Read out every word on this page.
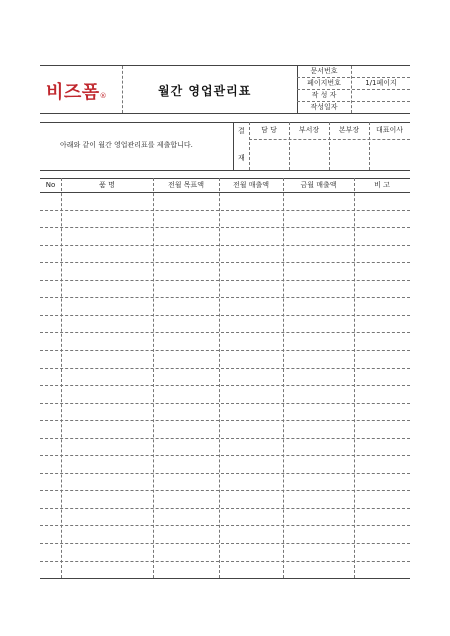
비즈폼®	월간 영업관리표
문서번호
페이지번호	1/1페이지
작 성 자
작성일자
아래와 같이 월간 영업관리표를 제출합니다.
결
재
담 당	부서장	본부장	대표이사
No	품 명	전월 목표액	전월 매출액	금월 매출액	비 고
